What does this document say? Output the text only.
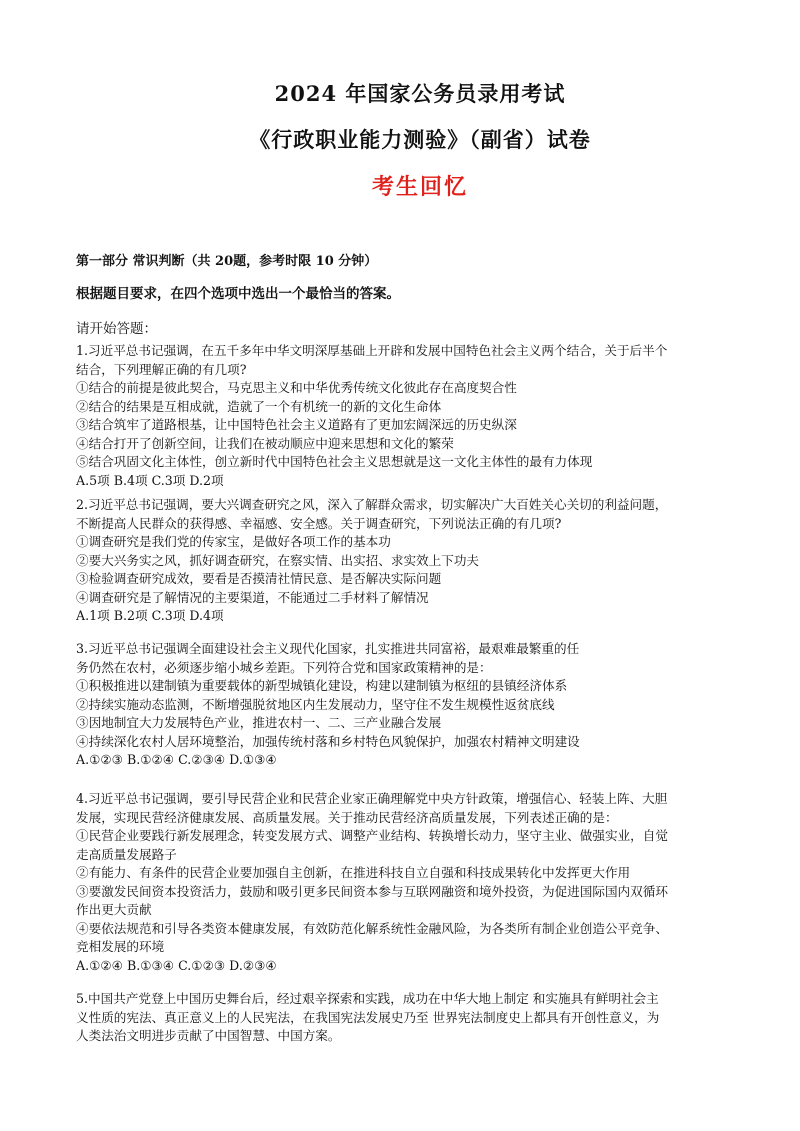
2024 年国家公务员录用考试
《行政职业能力测验》（副省）试卷
考生回忆
第一部分 常识判断（共 20题，参考时限 10 分钟）
根据题目要求，在四个选项中选出一个最恰当的答案。
请开始答题：
1.习近平总书记强调，在五千多年中华文明深厚基础上开辟和发展中国特色社会主义两个结合，关于后半个
结合，下列理解正确的有几项?
①结合的前提是彼此契合，马克思主义和中华优秀传统文化彼此存在高度契合性
②结合的结果是互相成就，造就了一个有机统一的新的文化生命体
③结合筑牢了道路根基，让中国特色社会主义道路有了更加宏阔深远的历史纵深
④结合打开了创新空间，让我们在被动顺应中迎来思想和文化的繁荣
⑤结合巩固文化主体性，创立新时代中国特色社会主义思想就是这一文化主体性的最有力体现
A.5项 B.4项 C.3项 D.2项
2.习近平总书记强调，要大兴调查研究之风，深入了解群众需求，切实解决广大百姓关心关切的利益问题，
不断提高人民群众的获得感、幸福感、安全感。关于调查研究，下列说法正确的有几项?
①调查研究是我们党的传家宝，是做好各项工作的基本功
②要大兴务实之风，抓好调查研究，在察实情、出实招、求实效上下功夫
③检验调查研究成效，要看是否摸清社情民意、是否解决实际问题
④调查研究是了解情况的主要渠道，不能通过二手材料了解情况
A.1项 B.2项 C.3项 D.4项
3.习近平总书记强调全面建设社会主义现代化国家，扎实推进共同富裕，最艰难最繁重的任
务仍然在农村，必须逐步缩小城乡差距。下列符合党和国家政策精神的是：
①积极推进以建制镇为重要载体的新型城镇化建设，构建以建制镇为枢纽的县镇经济体系
②持续实施动态监测，不断增强脱贫地区内生发展动力，坚守住不发生规模性返贫底线
③因地制宜大力发展特色产业，推进农村一、二、三产业融合发展
④持续深化农村人居环境整治，加强传统村落和乡村特色风貌保护，加强农村精神文明建设
A.①②③ B.①②④ C.②③④ D.①③④
4.习近平总书记强调，要引导民营企业和民营企业家正确理解党中央方针政策，增强信心、轻装上阵、大胆
发展，实现民营经济健康发展、高质量发展。关于推动民营经济高质量发展，下列表述正确的是：
①民营企业要践行新发展理念，转变发展方式、调整产业结构、转换增长动力，坚守主业、做强实业，自觉
走高质量发展路子
②有能力、有条件的民营企业要加强自主创新，在推进科技自立自强和科技成果转化中发挥更大作用
③要激发民间资本投资活力，鼓励和吸引更多民间资本参与互联网融资和境外投资，为促进国际国内双循环
作出更大贡献
④要依法规范和引导各类资本健康发展，有效防范化解系统性金融风险，为各类所有制企业创造公平竞争、
竞相发展的环境
A.①②④ B.①③④ C.①②③ D.②③④
5.中国共产党登上中国历史舞台后，经过艰辛探索和实践，成功在中华大地上制定 和实施具有鲜明社会主
义性质的宪法、真正意义上的人民宪法，在我国宪法发展史乃至 世界宪法制度史上都具有开创性意义，为
人类法治文明进步贡献了中国智慧、中国方案。
